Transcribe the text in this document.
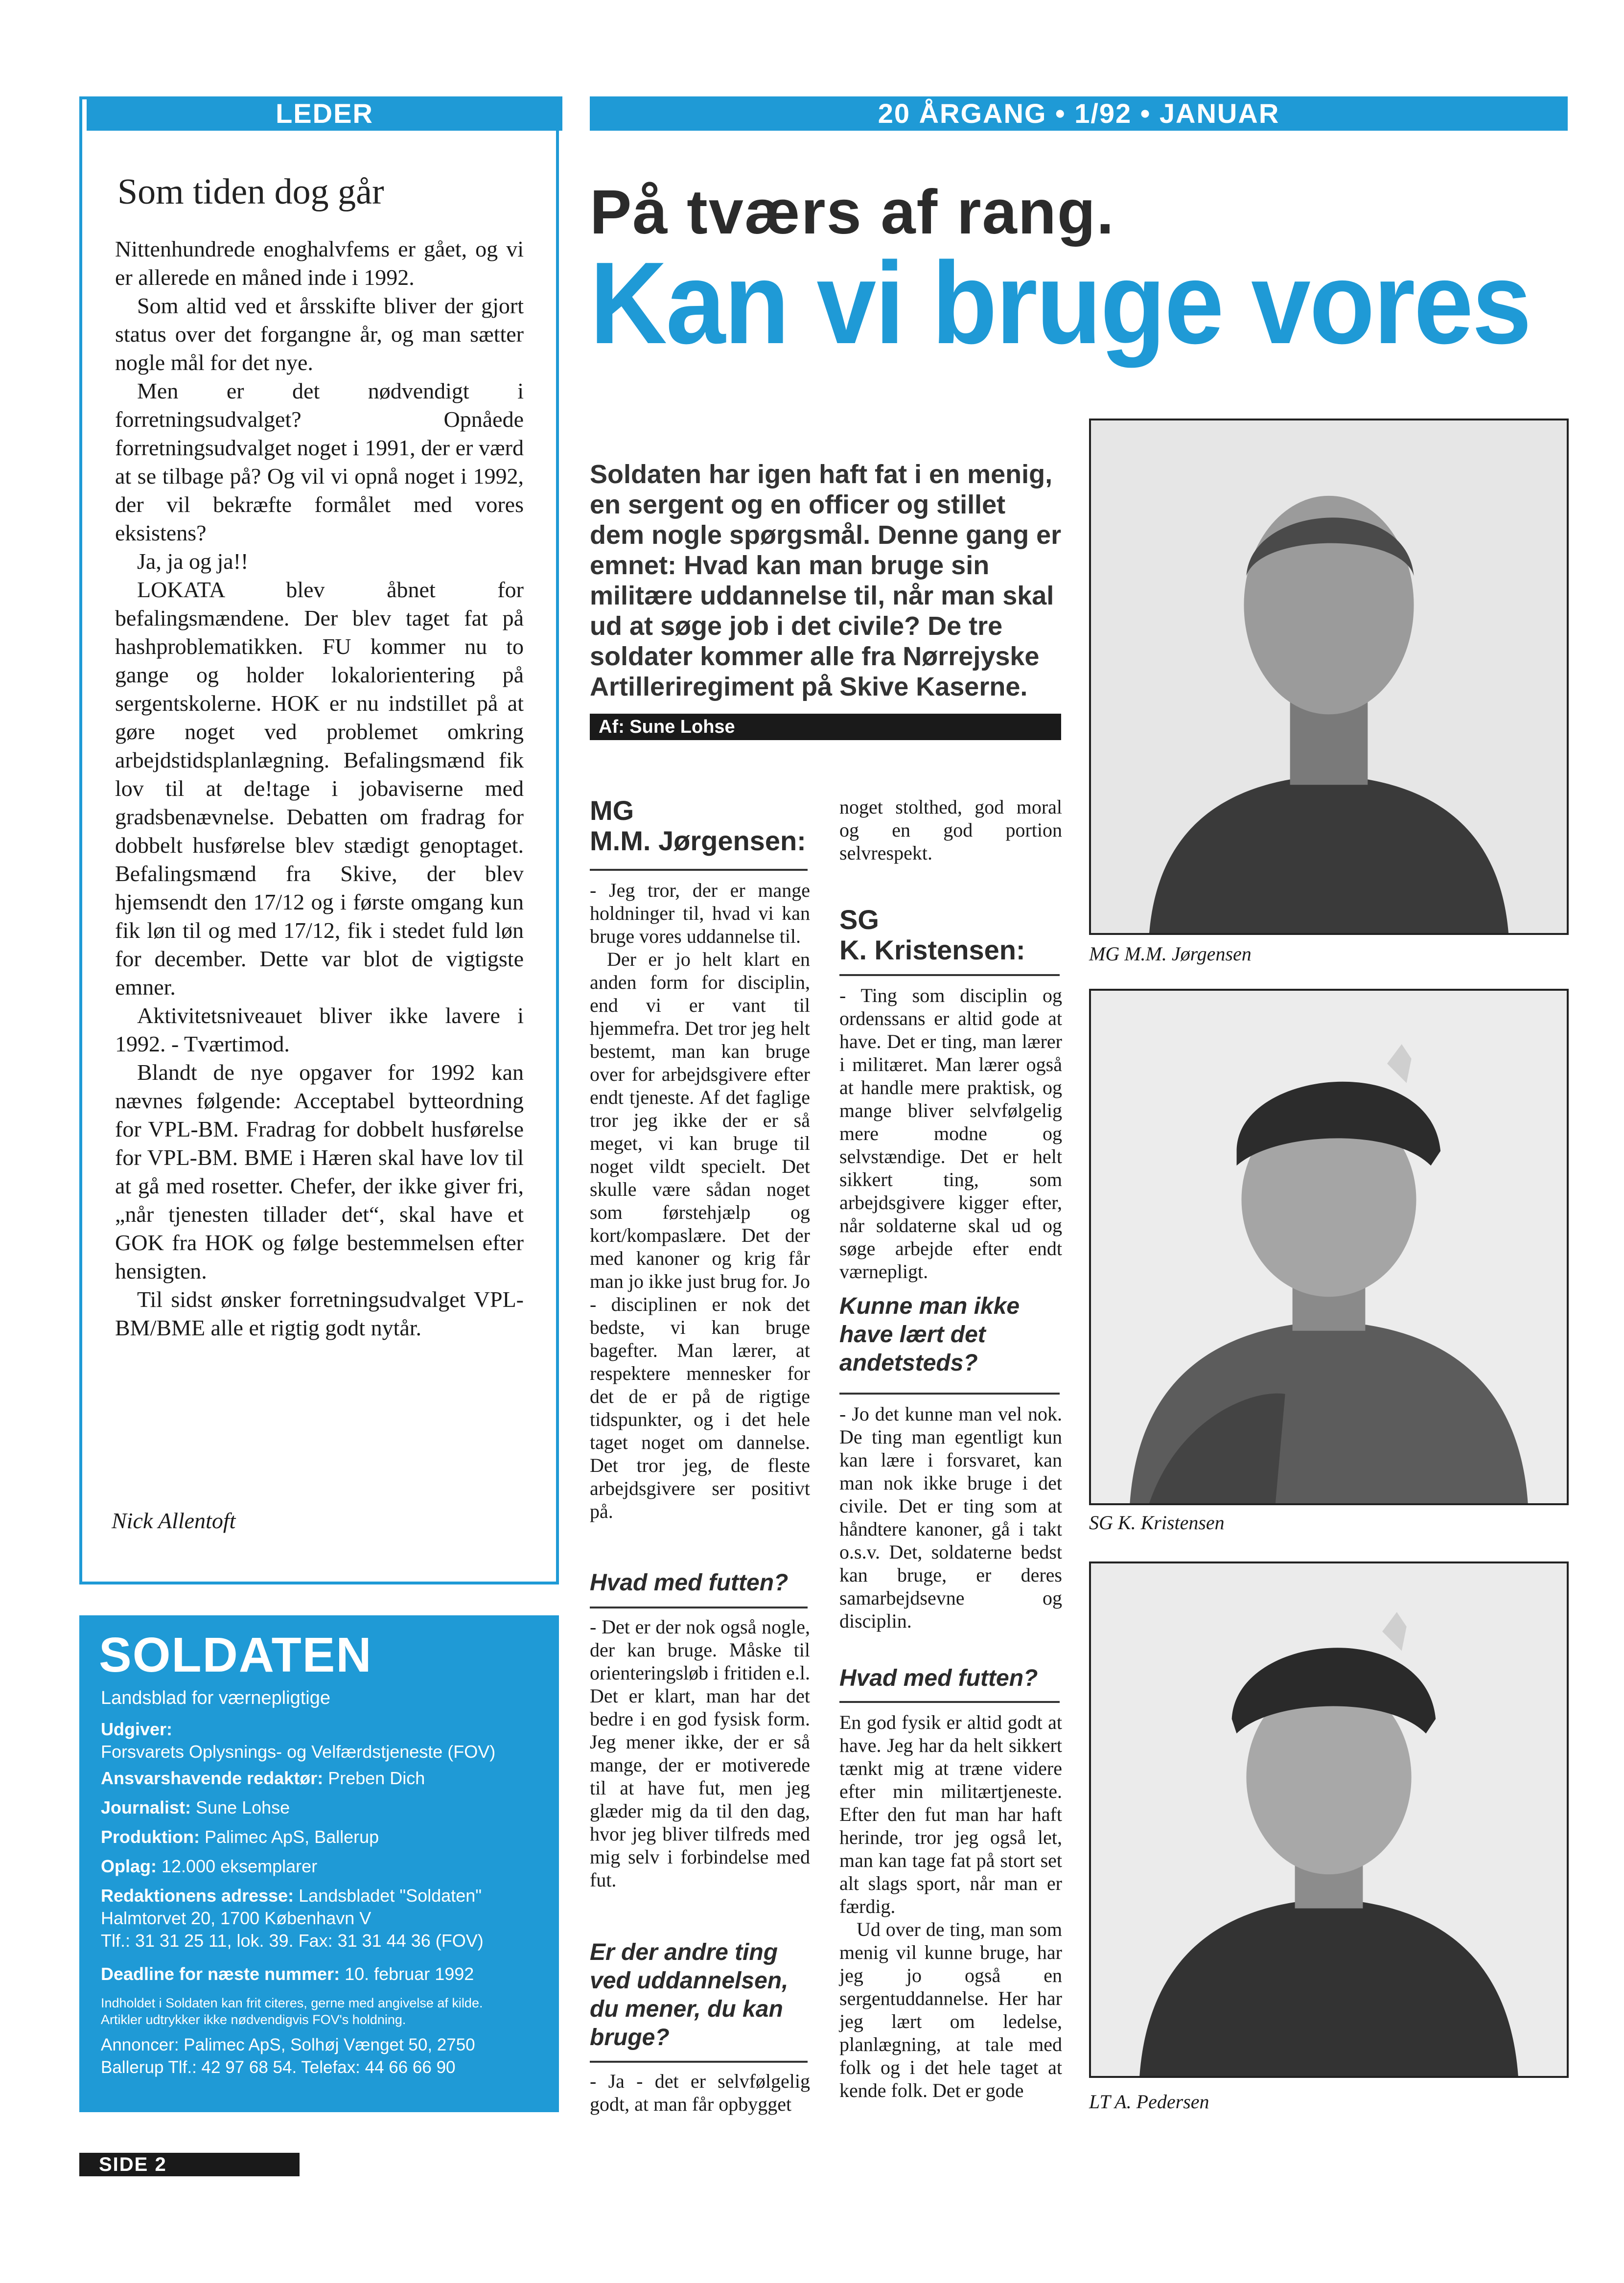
LEDER	20 ÅRGANG • 1/92 • JANUAR
Som tiden dog går

Nittenhundrede enoghalvfems er gået, og vi er allerede en måned inde i 1992.

Som altid ved et årsskifte bliver der gjort status over det forgangne år, og man sætter nogle mål for det nye.

Men er det nødvendigt i forretningsudvalget? Opnåede forretningsudvalget noget i 1991, der er værd at se tilbage på? Og vil vi opnå noget i 1992, der vil bekræfte formålet med vores eksistens?

Ja, ja og ja!!

LOKATA blev åbnet for befalingsmændene. Der blev taget fat på hashproblematikken. FU kommer nu to gange og holder lokalorientering på sergentskolerne. HOK er nu indstillet på at gøre noget ved problemet omkring arbejdstidsplanlægning. Befalingsmænd fik lov til at de!tage i jobaviserne med gradsbenævnelse. Debatten om fradrag for dobbelt husførelse blev stædigt genoptaget. Befalingsmænd fra Skive, der blev hjemsendt den 17/12 og i første omgang kun fik løn til og med 17/12, fik i stedet fuld løn for december. Dette var blot de vigtigste emner.

Aktivitetsniveauet bliver ikke lavere i 1992. - Tværtimod.

Blandt de nye opgaver for 1992 kan nævnes følgende: Acceptabel bytteordning for VPL-BM. Fradrag for dobbelt husførelse for VPL-BM. BME i Hæren skal have lov til at gå med rosetter. Chefer, der ikke giver fri, „når tjenesten tillader det“, skal have et GOK fra HOK og følge bestemmelsen efter hensigten.

Til sidst ønsker forretningsudvalget VPL-BM/BME alle et rigtig godt nytår.

Nick Allentoft
SOLDATEN
Landsblad for værnepligtige
Udgiver:
Forsvarets Oplysnings- og Velfærdstjeneste (FOV)
Ansvarshavende redaktør: Preben Dich
Journalist: Sune Lohse
Produktion: Palimec ApS, Ballerup
Oplag: 12.000 eksemplarer
Redaktionens adresse: Landsbladet "Soldaten"
Halmtorvet 20, 1700 København V
Tlf.: 31 31 25 11, lok. 39. Fax: 31 31 44 36 (FOV)
Deadline for næste nummer: 10. februar 1992
Indholdet i Soldaten kan frit citeres, gerne med angivelse af kilde.
Artikler udtrykker ikke nødvendigvis FOV's holdning.
Annoncer: Palimec ApS, Solhøj Vænget 50, 2750
Ballerup Tlf.: 42 97 68 54. Telefax: 44 66 66 90
SIDE 2
På tværs af rang.
Kan vi bruge vores
Soldaten har igen haft fat i en menig, en sergent og en officer og stillet dem nogle spørgsmål. Denne gang er emnet: Hvad kan man bruge sin militære uddannelse til, når man skal ud at søge job i det civile? De tre soldater kommer alle fra Nørrejyske Artilleriregiment på Skive Kaserne.
Af: Sune Lohse
MG
M.M. Jørgensen:

- Jeg tror, der er mange holdninger til, hvad vi kan bruge vores uddannelse til.

Der er jo helt klart en anden form for disciplin, end vi er vant til hjemmefra. Det tror jeg helt bestemt, man kan bruge over for arbejdsgivere efter endt tjeneste. Af det faglige tror jeg ikke der er så meget, vi kan bruge til noget vildt specielt. Det skulle være sådan noget som førstehjælp og kort/kompaslære. Det der med kanoner og krig får man jo ikke just brug for. Jo - disciplinen er nok det bedste, vi kan bruge bagefter. Man lærer, at respektere mennesker for det de er på de rigtige tidspunkter, og i det hele taget noget om dannelse. Det tror jeg, de fleste arbejdsgivere ser positivt på.

Hvad med futten?

- Det er der nok også nogle, der kan bruge. Måske til orienteringsløb i fritiden e.l. Det er klart, man har det bedre i en god fysisk form. Jeg mener ikke, der er så mange, der er motiverede til at have fut, men jeg glæder mig da til den dag, hvor jeg bliver tilfreds med mig selv i forbindelse med fut.

Er der andre ting ved uddannelsen, du mener, du kan bruge?

- Ja - det er selvfølgelig godt, at man får opbygget

noget stolthed, god moral og en god portion selvrespekt.

SG
K. Kristensen:

- Ting som disciplin og ordenssans er altid gode at have. Det er ting, man lærer i militæret. Man lærer også at handle mere praktisk, og mange bliver selvfølgelig mere modne og selvstændige. Det er helt sikkert ting, som arbejdsgivere kigger efter, når soldaterne skal ud og søge arbejde efter endt værnepligt.

Kunne man ikke have lært det andetsteds?

- Jo det kunne man vel nok. De ting man egentligt kun kan lære i forsvaret, kan man nok ikke bruge i det civile. Det er ting som at håndtere kanoner, gå i takt o.s.v. Det, soldaterne bedst kan bruge, er deres samarbejdsevne og disciplin.

Hvad med futten?

En god fysik er altid godt at have. Jeg har da helt sikkert tænkt mig at træne videre efter min militærtjeneste. Efter den fut man har haft herinde, tror jeg også let, man kan tage fat på stort set alt slags sport, når man er færdig.

Ud over de ting, man som menig vil kunne bruge, har jeg jo også en sergentuddannelse. Her har jeg lært om ledelse, planlægning, at tale med folk og i det hele taget at kende folk. Det er gode

MG M.M. Jørgensen
SG K. Kristensen
LT A. Pedersen
